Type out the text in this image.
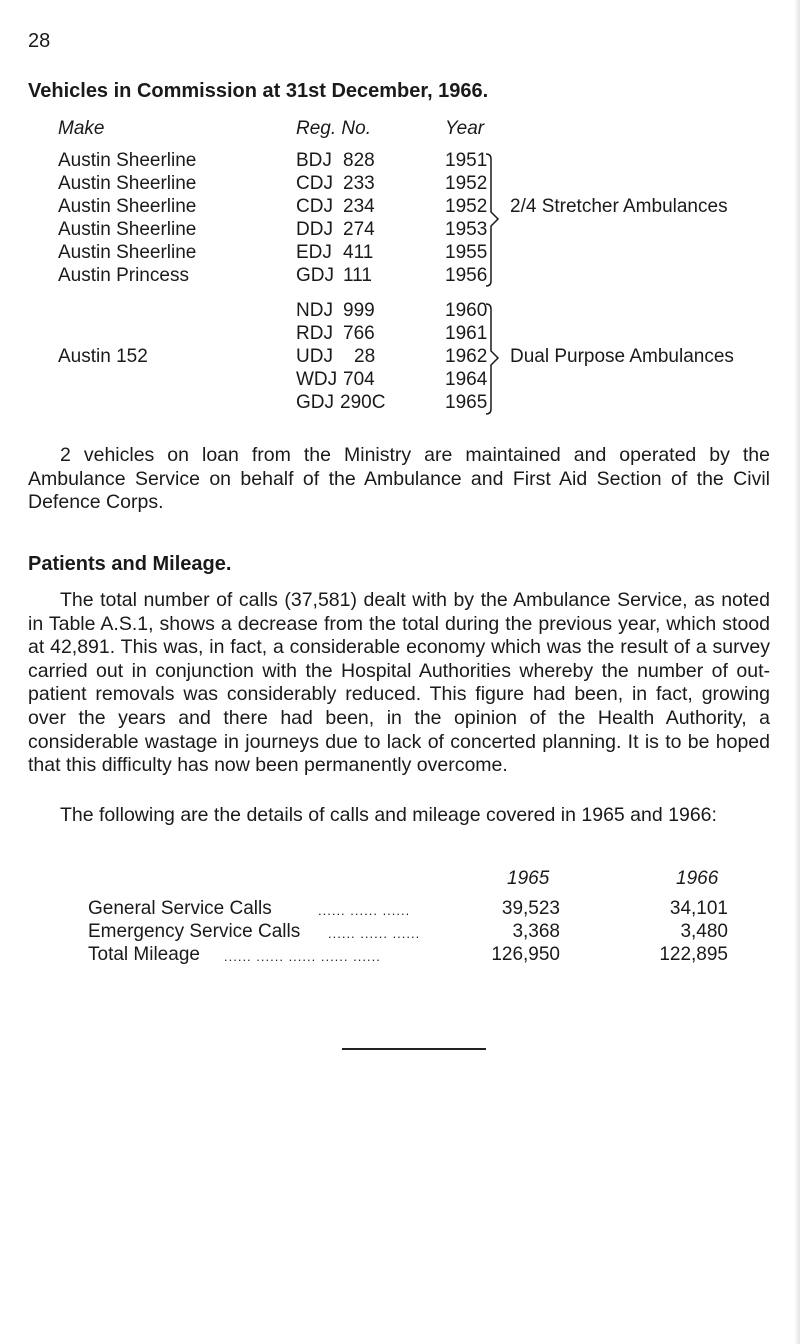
28
Vehicles in Commission at 31st December, 1966.
Make	Reg. No.	Year
Austin Sheerline	BDJ 828	1951
Austin Sheerline	CDJ 233	1952
Austin Sheerline	CDJ 234	1952
Austin Sheerline	DDJ 274	1953
Austin Sheerline	EDJ 411	1955
Austin Princess	GDJ 111	1956
2/4 Stretcher Ambulances
Austin 152
NDJ 999	1960
RDJ 766	1961
UDJ 28	1962
WDJ 704	1964
GDJ 290C	1965
Dual Purpose Ambulances
2 vehicles on loan from the Ministry are maintained and operated by the Ambulance Service on behalf of the Ambulance and First Aid Section of the Civil Defence Corps.
Patients and Mileage.
The total number of calls (37,581) dealt with by the Ambulance Service, as noted in Table A.S.1, shows a decrease from the total during the previous year, which stood at 42,891. This was, in fact, a considerable economy which was the result of a survey carried out in conjunction with the Hospital Authorities whereby the number of out-patient removals was considerably reduced. This figure had been, in fact, growing over the years and there had been, in the opinion of the Health Authority, a considerable wastage in journeys due to lack of concerted planning. It is to be hoped that this difficulty has now been permanently overcome.
The following are the details of calls and mileage covered in 1965 and 1966:
1965	1966
General Service Calls	...... ...... ......	39,523	34,101
Emergency Service Calls ...... ...... ......	3,368	3,480
Total Mileage ...... ...... ...... ...... ......	126,950	122,895
